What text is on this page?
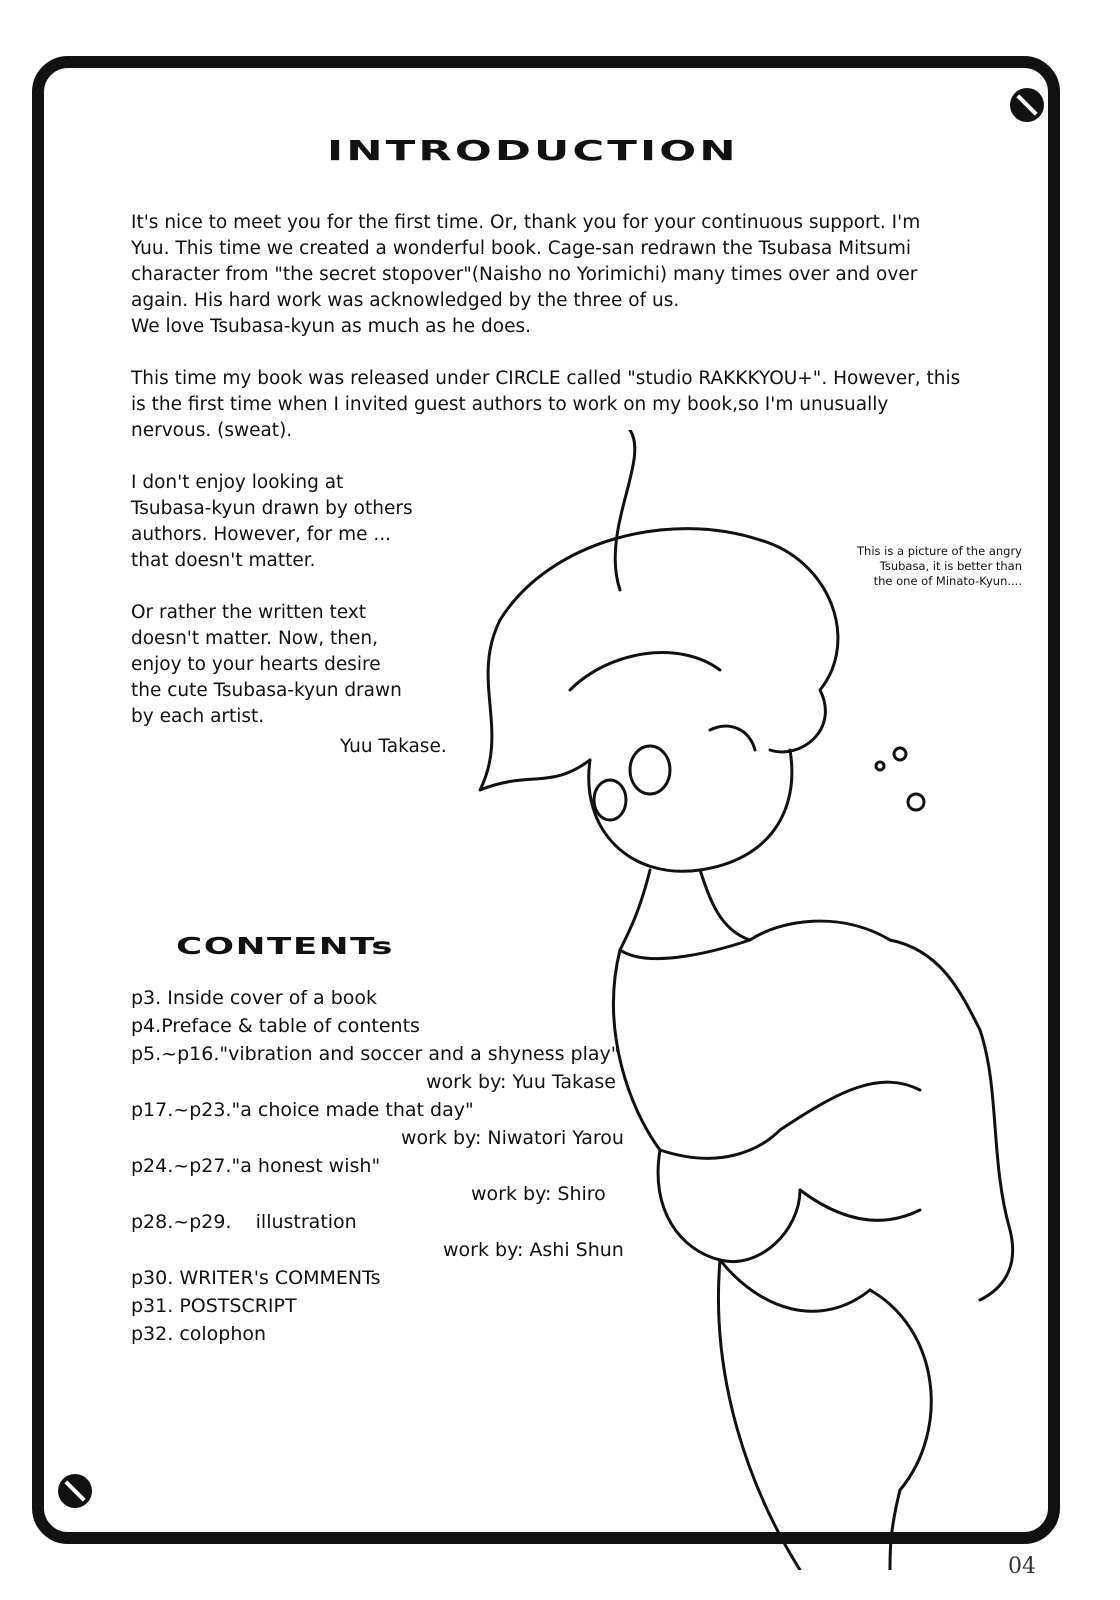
INTRODUCTION

It's nice to meet you for the first time. Or, thank you for your continuous support. I'm
Yuu. This time we created a wonderful book. Cage-san redrawn the Tsubasa Mitsumi
character from "the secret stopover"(Naisho no Yorimichi) many times over and over
again. His hard work was acknowledged by the three of us.
We love Tsubasa-kyun as much as he does.

This time my book was released under CIRCLE called "studio RAKKKYOU+". However, this
is the first time when I invited guest authors to work on my book,so I'm unusually
nervous. (sweat).

I don't enjoy looking at
Tsubasa-kyun drawn by others
authors. However, for me ...
that doesn't matter.

Or rather the written text
doesn't matter. Now, then,
enjoy to your hearts desire
the cute Tsubasa-kyun drawn
by each artist.

Yuu Takase.
This is a picture of the angry
Tsubasa, it is better than
the one of Minato-Kyun....
CONTENTs
p3. Inside cover of a book
p4.Preface & table of contents
p5.~p16."vibration and soccer and a shyness play"
work by: Yuu Takase
p17.~p23."a choice made that day"
work by: Niwatori Yarou
p24.~p27."a honest wish"
work by: Shiro
p28.~p29.    illustration
work by: Ashi Shun
p30. WRITER's COMMENTs
p31. POSTSCRIPT
p32. colophon
04
